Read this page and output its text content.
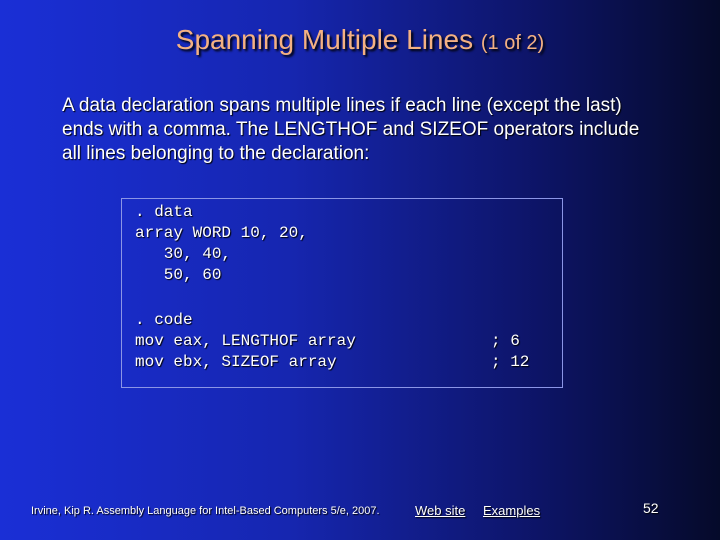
Spanning Multiple Lines (1 of 2)
A data declaration spans multiple lines if each line (except the last) ends with a comma. The LENGTHOF and SIZEOF operators include all lines belonging to the declaration:
. data
array WORD 10, 20,
30, 40,
50, 60
. code
mov eax, LENGTHOF array
mov ebx, SIZEOF array
; 6
; 12
Irvine, Kip R. Assembly Language for Intel-Based Computers 5/e, 2007.	Web site Examples	52
